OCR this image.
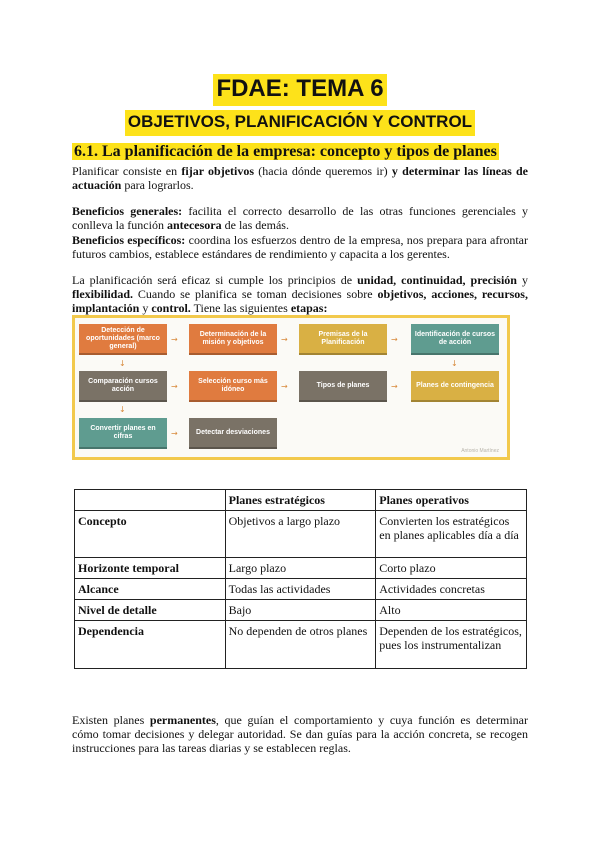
FDAE: TEMA 6
OBJETIVOS, PLANIFICACIÓN Y CONTROL
6.1. La planificación de la empresa: concepto y tipos de planes
Planificar consiste en fijar objetivos (hacia dónde queremos ir) y determinar las líneas de actuación para lograrlos.
Beneficios generales: facilita el correcto desarrollo de las otras funciones gerenciales y conlleva la función antecesora de las demás.
Beneficios específicos: coordina los esfuerzos dentro de la empresa, nos prepara para afrontar futuros cambios, establece estándares de rendimiento y capacita a los gerentes.
La planificación será eficaz si cumple los principios de unidad, continuidad, precisión y flexibilidad. Cuando se planifica se toman decisiones sobre objetivos, acciones, recursos, implantación y control. Tiene las siguientes etapas:
Detección de oportunidades (marco general)
→
Determinación de la misión y objetivos	→
Premisas de la Planificación	→
Identificación de cursos de acción
↓	↓
Comparación cursos acción	→
Selección curso más idóneo	→	Tipos de planes	→	Planes de contingencia
↓
Convertir planes en cifras	→	Detectar desviaciones
Antonio Martínez
	Planes estratégicos	Planes operativos
Concepto	Objetivos a largo plazo	Convierten los estratégicos en planes aplicables día a día
Horizonte temporal	Largo plazo	Corto plazo
Alcance	Todas las actividades	Actividades concretas
Nivel de detalle	Bajo	Alto
Dependencia	No dependen de otros planes	Dependen de los estratégicos, pues los instrumentalizan
Existen planes permanentes, que guían el comportamiento y cuya función es determinar cómo tomar decisiones y delegar autoridad. Se dan guías para la acción concreta, se recogen instrucciones para las tareas diarias y se establecen reglas.
